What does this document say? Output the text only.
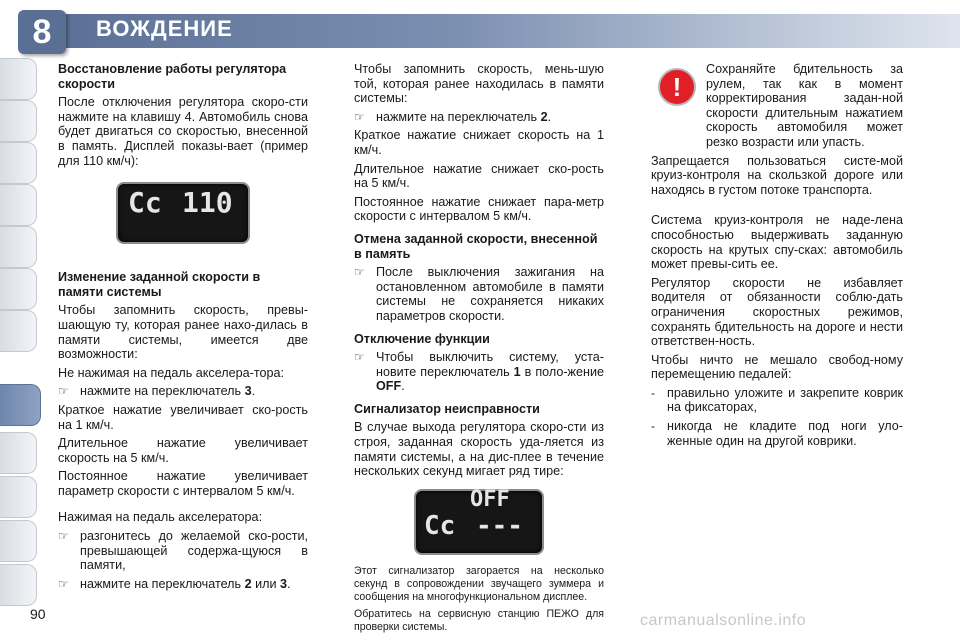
8	ВОЖДЕНИЕ
Восстановление работы регулятора скорости

После отключения регулятора скоро-сти нажмите на клавишу 4. Автомобиль снова будет двигаться со скоростью, внесенной в память. Дисплей показы-вает (пример для 110 км/ч):

Cc 110
Изменение заданной скорости в памяти системы

Чтобы запомнить скорость, превы-шающую ту, которая ранее нахо-дилась в памяти системы, имеется две возможности:

Не нажимая на педаль акселера-тора:

☞ нажмите на переключатель 3.

Краткое нажатие увеличивает ско-рость на 1 км/ч.

Длительное нажатие увеличивает скорость на 5 км/ч.

Постоянное нажатие увеличивает параметр скорости с интервалом 5 км/ч.

Нажимая на педаль акселератора:

☞ разгонитесь до желаемой ско-рости, превышающей содержа-щуюся в памяти,
☞ нажмите на переключатель 2 или 3.

Чтобы запомнить скорость, мень-шую той, которая ранее находилась в памяти системы:

☞ нажмите на переключатель 2.

Краткое нажатие снижает скорость на 1 км/ч.

Длительное нажатие снижает ско-рость на 5 км/ч.

Постоянное нажатие снижает пара-метр скорости с интервалом 5 км/ч.

Отмена заданной скорости, внесенной в память
☞ После выключения зажигания на остановленном автомобиле в памяти системы не сохраняется никаких параметров скорости.
Отключение функции
☞ Чтобы выключить систему, уста-новите переключатель 1 в поло-жение OFF.
Сигнализатор неисправности

В случае выхода регулятора скоро-сти из строя, заданная скорость уда-ляется из памяти системы, а на дис-плее в течение нескольких секунд мигает ряд тире:

OFF
Cc ---

Этот сигнализатор загорается на несколько секунд в сопровождении звучащего зуммера и сообщения на многофункциональном дисплее.

Обратитесь на сервисную станцию ПЕЖО для проверки системы.

!

Сохраняйте бдительность за рулем, так как в момент корректирования задан-ной скорости длительным нажатием скорость автомобиля может резко возрасти или упасть.

Запрещается пользоваться систе-мой круиз-контроля на скользкой дороге или находясь в густом потоке транспорта.

Система круиз-контроля не наде-лена способностью выдерживать заданную скорость на крутых спу-сках: автомобиль может превы-сить ее.

Регулятор скорости не избавляет водителя от обязанности соблю-дать ограничения скоростных режимов, сохранять бдительность на дороге и нести ответствен-ность.

Чтобы ничто не мешало свобод-ному перемещению педалей:

- правильно уложите и закрепите коврик на фиксаторах,
- никогда не кладите под ноги уло-женные один на другой коврики.
90	carmanualsonline.info
